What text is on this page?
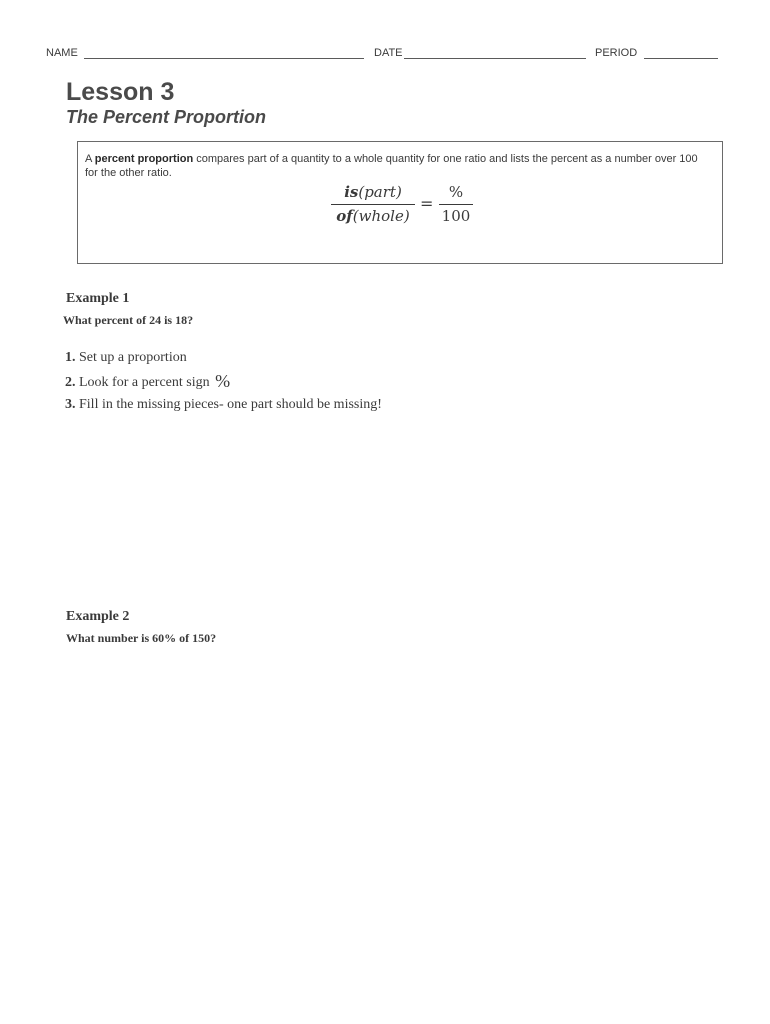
NAME	DATE	PERIOD
Lesson 3
The Percent Proportion
A percent proportion compares part of a quantity to a whole quantity for one ratio and lists the percent as a number over 100 for the other ratio.
is(part)
of(whole)
=
%
100
Example 1

What percent of 24 is 18?

1. Set up a proportion
2. Look for a percent sign %
3. Fill in the missing pieces- one part should be missing!
Example 2

What number is 60% of 150?
